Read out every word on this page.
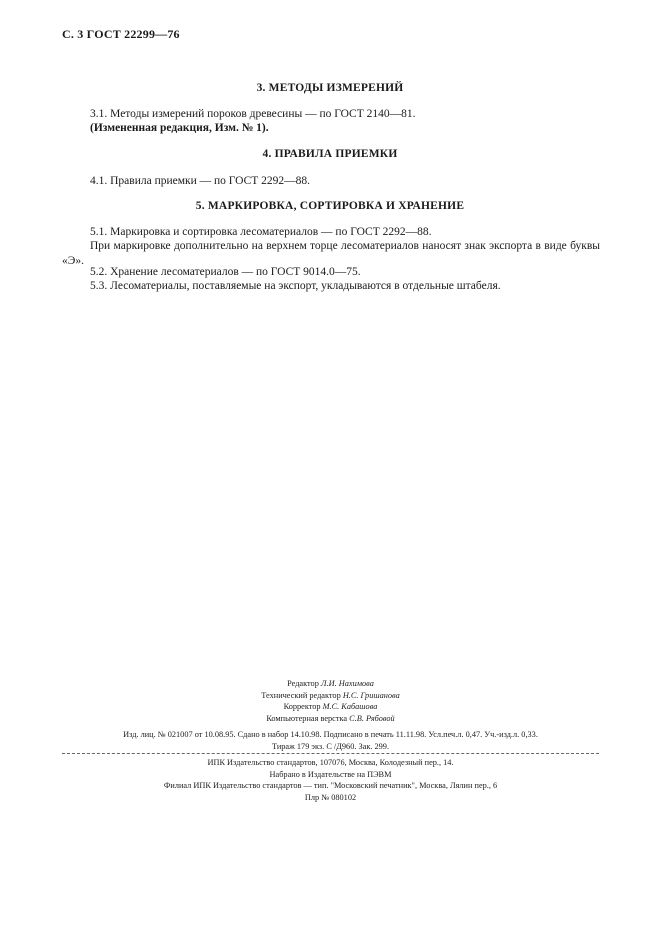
С. 3 ГОСТ 22299—76
3. МЕТОДЫ ИЗМЕРЕНИЙ
3.1. Методы измерений пороков древесины — по ГОСТ 2140—81.
(Измененная редакция, Изм. № 1).
4. ПРАВИЛА ПРИЕМКИ
4.1. Правила приемки — по ГОСТ 2292—88.
5. МАРКИРОВКА, СОРТИРОВКА И ХРАНЕНИЕ
5.1. Маркировка и сортировка лесоматериалов — по ГОСТ 2292—88.
При маркировке дополнительно на верхнем торце лесоматериалов наносят знак экспорта в виде буквы «Э».
5.2. Хранение лесоматериалов — по ГОСТ 9014.0—75.
5.3. Лесоматериалы, поставляемые на экспорт, укладываются в отдельные штабеля.
Редактор Л.И. Нахимова
Технический редактор Н.С. Гришанова
Корректор М.С. Кабашова
Компьютерная верстка С.В. Рябовой
Изд. лиц. № 021007 от 10.08.95. Сдано в набор 14.10.98. Подписано в печать 11.11.98. Усл.печ.л. 0,47. Уч.-изд.л. 0,33.
Тираж 179 экз. С /Д960. Зак. 299.
ИПК Издательство стандартов, 107076, Москва, Колодезный пер., 14.
Набрано в Издательстве на ПЭВМ
Филиал ИПК Издательство стандартов — тип. "Московский печатник", Москва, Лялин пер., 6
Плр № 080102
